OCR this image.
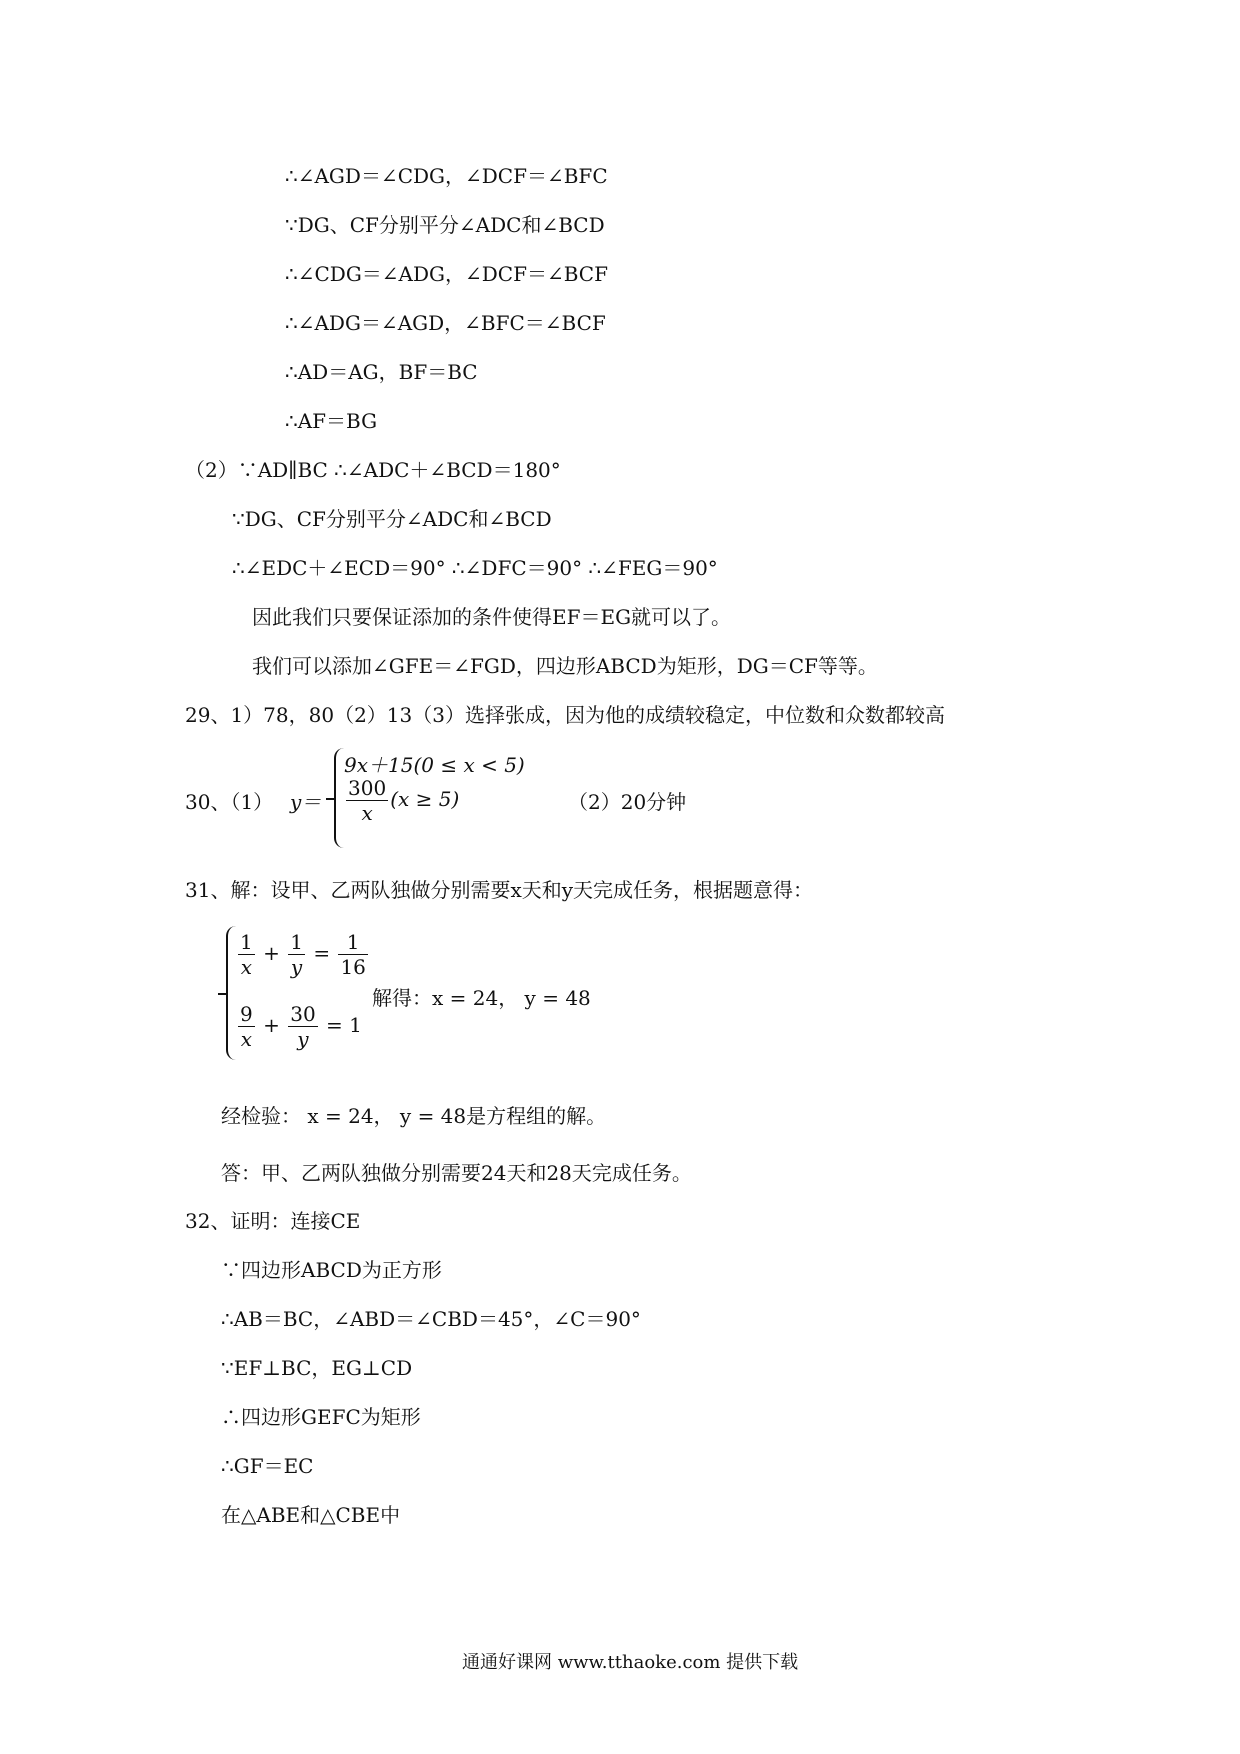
∴∠AGD＝∠CDG，∠DCF＝∠BFC
∵DG、CF分别平分∠ADC和∠BCD
∴∠CDG＝∠ADG，∠DCF＝∠BCF
∴∠ADG＝∠AGD，∠BFC＝∠BCF
∴AD＝AG，BF＝BC
∴AF＝BG
（2）∵AD∥BC ∴∠ADC＋∠BCD＝180°
∵DG、CF分别平分∠ADC和∠BCD
∴∠EDC＋∠ECD＝90° ∴∠DFC＝90° ∴∠FEG＝90°
因此我们只要保证添加的条件使得EF＝EG就可以了。
我们可以添加∠GFE＝∠FGD，四边形ABCD为矩形，DG＝CF等等。
29、1）78，80（2）13（3）选择张成，因为他的成绩较稳定，中位数和众数都较高
30、（1） y＝
9x＋15(0 ≤ x < 5)
$\frac{300}{x} (x \ge 5)$	（2）20分钟
31、解：设甲、乙两队独做分别需要x天和y天完成任务，根据题意得：
$\frac{1}{x} + \frac{1}{y} = \frac{1}{16}$
$\frac{9}{x} + \frac{30}{y} = 1$
解得：x = 24， y = 48
经检验： x = 24， y = 48是方程组的解。
答：甲、乙两队独做分别需要24天和28天完成任务。
32、证明：连接CE
∵四边形ABCD为正方形
∴AB＝BC，∠ABD＝∠CBD＝45°，∠C＝90°
∵EF⊥BC，EG⊥CD
∴四边形GEFC为矩形
∴GF＝EC
在△ABE和△CBE中
通通好课网 www.tthaoke.com 提供下载
